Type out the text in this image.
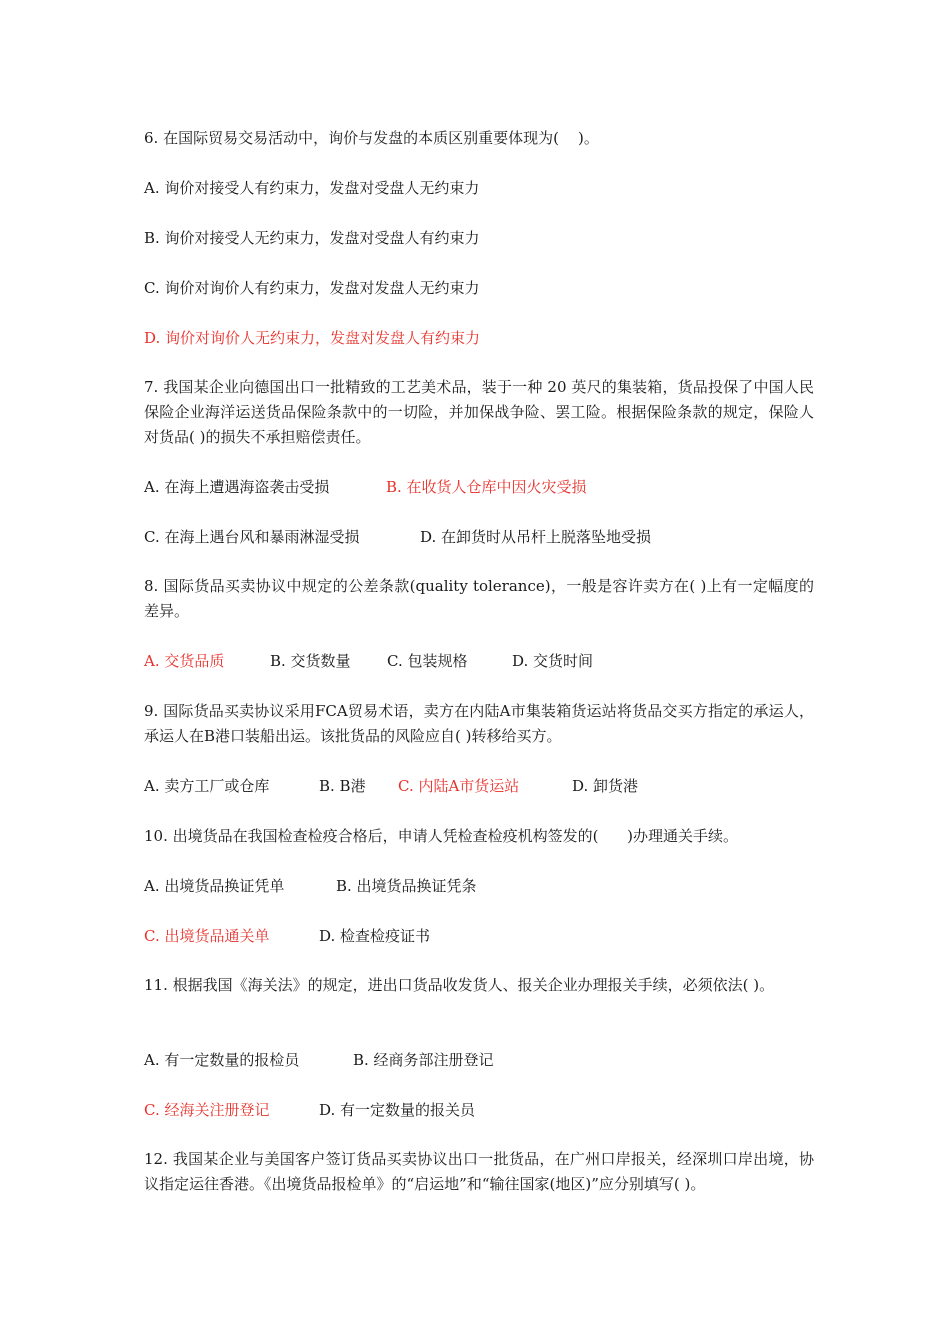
6. 在国际贸易交易活动中，询价与发盘的本质区别重要体现为(    )。
A. 询价对接受人有约束力，发盘对受盘人无约束力
B. 询价对接受人无约束力，发盘对受盘人有约束力
C. 询价对询价人有约束力，发盘对发盘人无约束力
D. 询价对询价人无约束力，发盘对发盘人有约束力
7. 我国某企业向德国出口一批精致的工艺美术品，装于一种 20 英尺的集装箱，货品投保了中国人民保险企业海洋运送货品保险条款中的一切险，并加保战争险、罢工险。根据保险条款的规定，保险人对货品( )的损失不承担赔偿责任。
A. 在海上遭遇海盗袭击受损	B. 在收货人仓库中因火灾受损
C. 在海上遇台风和暴雨淋湿受损	D. 在卸货时从吊杆上脱落坠地受损
8. 国际货品买卖协议中规定的公差条款(quality tolerance)，一般是容许卖方在( )上有一定幅度的差异。
A. 交货品质	B. 交货数量 C. 包装规格	D. 交货时间
9. 国际货品买卖协议采用FCA贸易术语，卖方在内陆A市集装箱货运站将货品交买方指定的承运人，承运人在B港口装船出运。该批货品的风险应自( )转移给买方。
A. 卖方工厂或仓库	B. B港 C. 内陆A市货运站	D. 卸货港
10. 出境货品在我国检查检疫合格后，申请人凭检查检疫机构签发的(      )办理通关手续。
A. 出境货品换证凭单	B. 出境货品换证凭条
C. 出境货品通关单	D. 检查检疫证书
11. 根据我国《海关法》的规定，进出口货品收发货人、报关企业办理报关手续，必须依法( )。
A. 有一定数量的报检员	B. 经商务部注册登记
C. 经海关注册登记	D. 有一定数量的报关员
12. 我国某企业与美国客户签订货品买卖协议出口一批货品，在广州口岸报关，经深圳口岸出境，协议指定运往香港。《出境货品报检单》的“启运地”和“输往国家(地区)”应分别填写( )。
